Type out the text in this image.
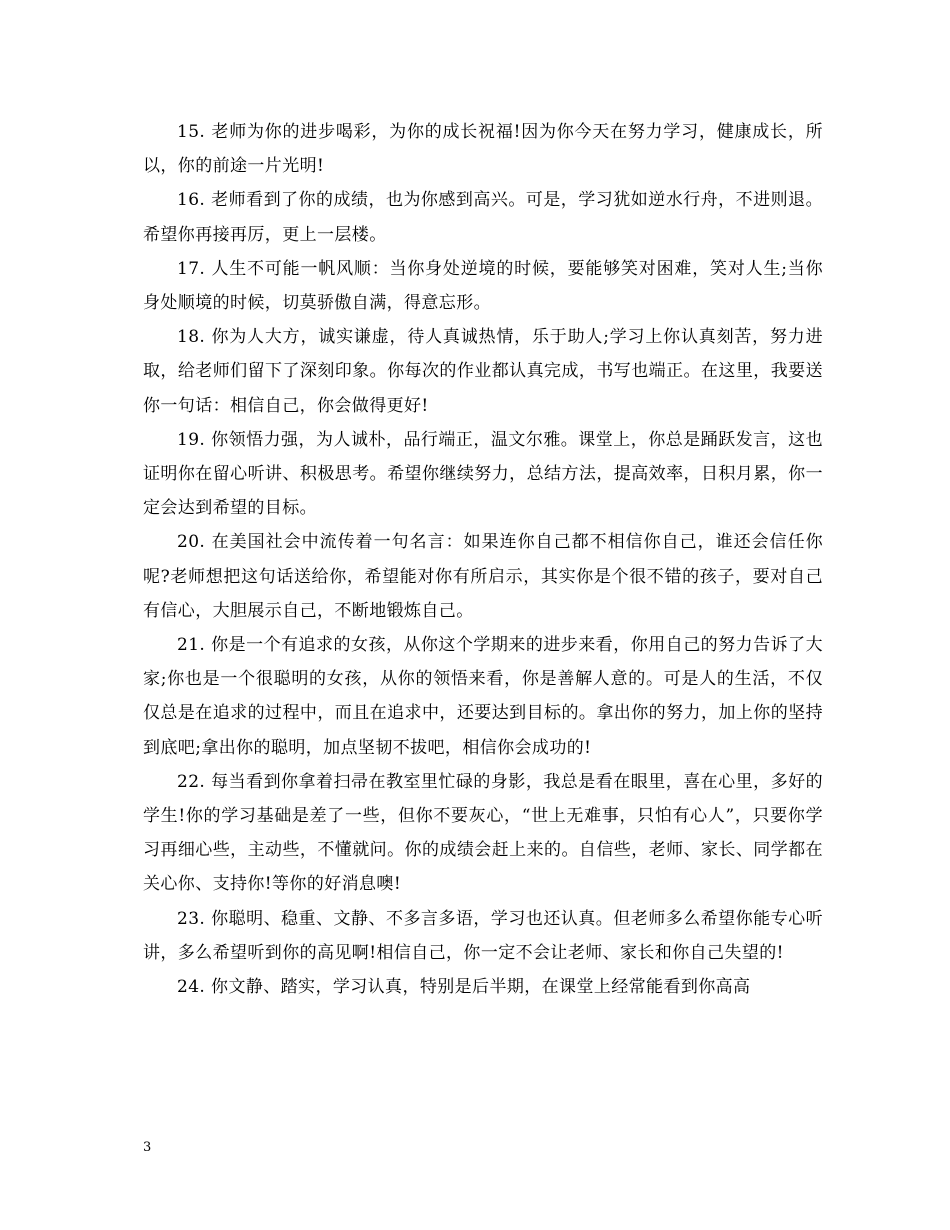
15. 老师为你的进步喝彩，为你的成长祝福!因为你今天在努力学习，健康成长，所以，你的前途一片光明!

16. 老师看到了你的成绩，也为你感到高兴。可是，学习犹如逆水行舟，不进则退。希望你再接再厉，更上一层楼。

17. 人生不可能一帆风顺：当你身处逆境的时候，要能够笑对困难，笑对人生;当你身处顺境的时候，切莫骄傲自满，得意忘形。

18. 你为人大方，诚实谦虚，待人真诚热情，乐于助人;学习上你认真刻苦，努力进取，给老师们留下了深刻印象。你每次的作业都认真完成，书写也端正。在这里，我要送你一句话：相信自己，你会做得更好!

19. 你领悟力强，为人诚朴，品行端正，温文尔雅。课堂上，你总是踊跃发言，这也证明你在留心听讲、积极思考。希望你继续努力，总结方法，提高效率，日积月累，你一定会达到希望的目标。

20. 在美国社会中流传着一句名言：如果连你自己都不相信你自己，谁还会信任你呢?老师想把这句话送给你，希望能对你有所启示，其实你是个很不错的孩子，要对自己有信心，大胆展示自己，不断地锻炼自己。

21. 你是一个有追求的女孩，从你这个学期来的进步来看，你用自己的努力告诉了大家;你也是一个很聪明的女孩，从你的领悟来看，你是善解人意的。可是人的生活，不仅仅总是在追求的过程中，而且在追求中，还要达到目标的。拿出你的努力，加上你的坚持到底吧;拿出你的聪明，加点坚韧不拔吧，相信你会成功的!

22. 每当看到你拿着扫帚在教室里忙碌的身影，我总是看在眼里，喜在心里，多好的学生!你的学习基础是差了一些，但你不要灰心，“世上无难事，只怕有心人”，只要你学习再细心些，主动些，不懂就问。你的成绩会赶上来的。自信些，老师、家长、同学都在关心你、支持你!等你的好消息噢!

23. 你聪明、稳重、文静、不多言多语，学习也还认真。但老师多么希望你能专心听讲，多么希望听到你的高见啊!相信自己，你一定不会让老师、家长和你自己失望的!

24. 你文静、踏实，学习认真，特别是后半期，在课堂上经常能看到你高高

3
